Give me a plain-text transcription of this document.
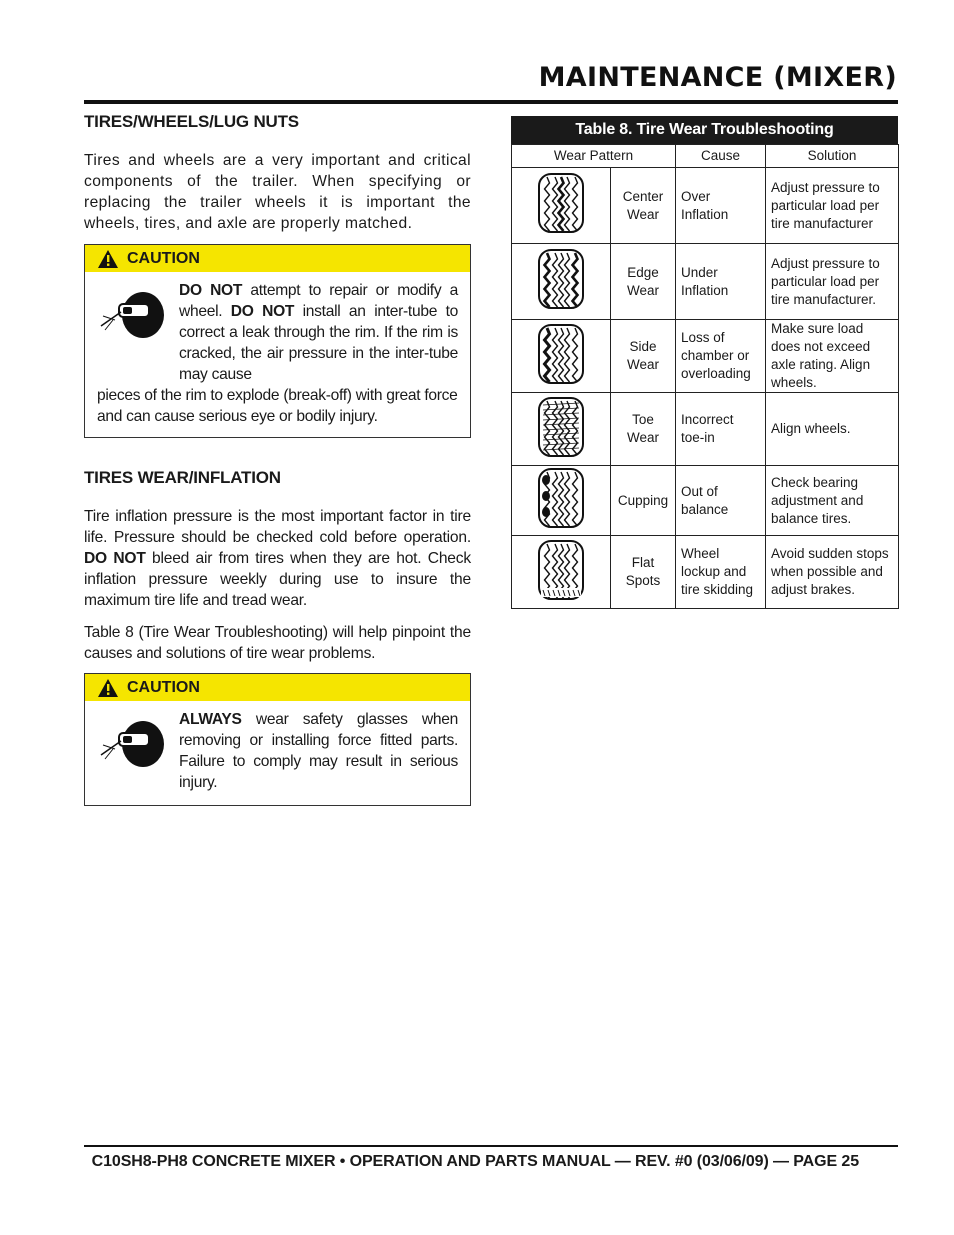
MAINTENANCE (MIXER)
TIRES/WHEELS/LUG NUTS

Tires and wheels are a very important and critical components of the trailer. When specifying or replacing the trailer wheels it is important the wheels, tires, and axle are properly matched.

CAUTION
DO NOT attempt to repair or modify a wheel. DO NOT install an inter-tube to correct a leak through the rim. If the rim is cracked, the air pressure in the inter-tube may cause
pieces of the rim to explode (break-off) with great force and can cause serious eye or bodily injury.
TIRES WEAR/INFLATION

Tire inflation pressure is the most important factor in tire life. Pressure should be checked cold before operation. DO NOT bleed air from tires when they are hot. Check inflation pressure weekly during use to insure the maximum tire life and tread wear.

Table 8 (Tire Wear Troubleshooting) will help pinpoint the causes and solutions of tire wear problems.

CAUTION
ALWAYS wear safety glasses when removing or installing force fitted parts. Failure to comply may result in serious injury.
Table 8. Tire Wear Troubleshooting
Wear Pattern		Cause	Solution
	Center Wear	Over Inflation	Adjust pressure to particular load per tire manufacturer
	Edge Wear	Under Inflation	Adjust pressure to particular load per tire manufacturer.
	Side Wear	Loss of chamber or overloading	Make sure load does not exceed axle rating. Align wheels.
	Toe Wear	Incorrect toe-in	Align wheels.
	Cupping	Out of balance	Check bearing adjustment and balance tires.
	Flat Spots	Wheel lockup and tire skidding	Avoid sudden stops when possible and adjust brakes.
C10SH8-PH8 CONCRETE MIXER • OPERATION AND PARTS MANUAL — REV. #0 (03/06/09) — PAGE 25
